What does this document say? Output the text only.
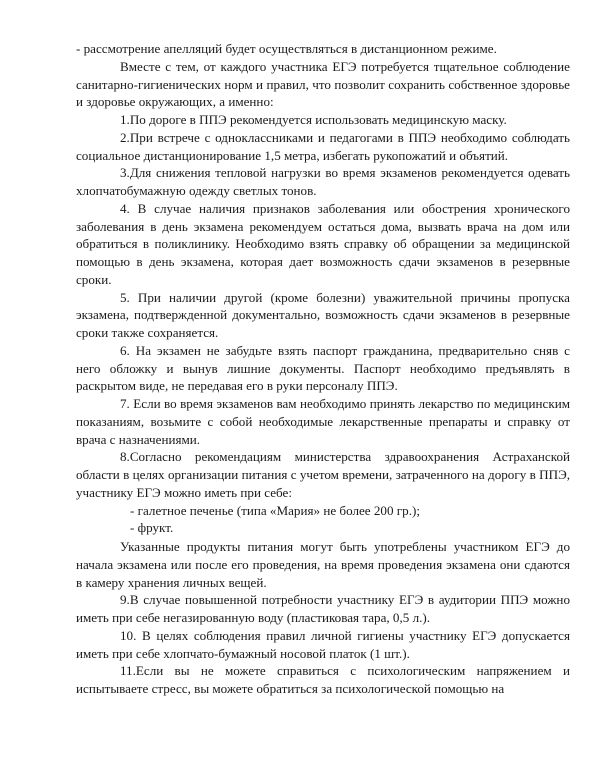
- рассмотрение апелляций будет осуществляться в дистанционном режиме.

Вместе с тем, от каждого участника ЕГЭ потребуется тщательное соблюдение санитарно-гигиенических норм и правил, что позволит сохранить собственное здоровье и здоровье окружающих, а именно:

1.По дороге в ППЭ рекомендуется использовать медицинскую маску.

2.При встрече с одноклассниками и педагогами в ППЭ необходимо соблюдать социальное дистанционирование 1,5 метра, избегать рукопожатий и объятий.

3.Для снижения тепловой нагрузки во время экзаменов рекомендуется одевать хлопчатобумажную одежду светлых тонов.

4. В случае наличия признаков заболевания или обострения хронического заболевания в день экзамена рекомендуем остаться дома, вызвать врача на дом или обратиться в поликлинику. Необходимо взять справку об обращении за медицинской помощью в день экзамена, которая дает возможность сдачи экзаменов в резервные сроки.

5. При наличии другой (кроме болезни) уважительной причины пропуска экзамена, подтвержденной документально, возможность сдачи экзаменов в резервные сроки также сохраняется.

6. На экзамен не забудьте взять паспорт гражданина, предварительно сняв с него обложку и вынув лишние документы. Паспорт необходимо предъявлять в раскрытом виде, не передавая его в руки персоналу ППЭ.

7. Если во время экзаменов вам необходимо принять лекарство по медицинским показаниям, возьмите с собой необходимые лекарственные препараты и справку от врача с назначениями.

8.Согласно рекомендациям министерства здравоохранения Астраханской области в целях организации питания с учетом времени, затраченного на дорогу в ППЭ, участнику ЕГЭ можно иметь при себе:

- галетное печенье (типа «Мария» не более 200 гр.);

- фрукт.

Указанные продукты питания могут быть употреблены участником ЕГЭ до начала экзамена или после его проведения, на время проведения экзамена они сдаются в камеру хранения личных вещей.

9.В случае повышенной потребности участнику ЕГЭ в аудитории ППЭ можно иметь при себе негазированную воду (пластиковая тара, 0,5 л.).

10. В целях соблюдения правил личной гигиены участнику ЕГЭ допускается иметь при себе хлопчато-бумажный носовой платок (1 шт.).

11.Если вы не можете справиться с психологическим напряжением и испытываете стресс, вы можете обратиться за психологической помощью на
